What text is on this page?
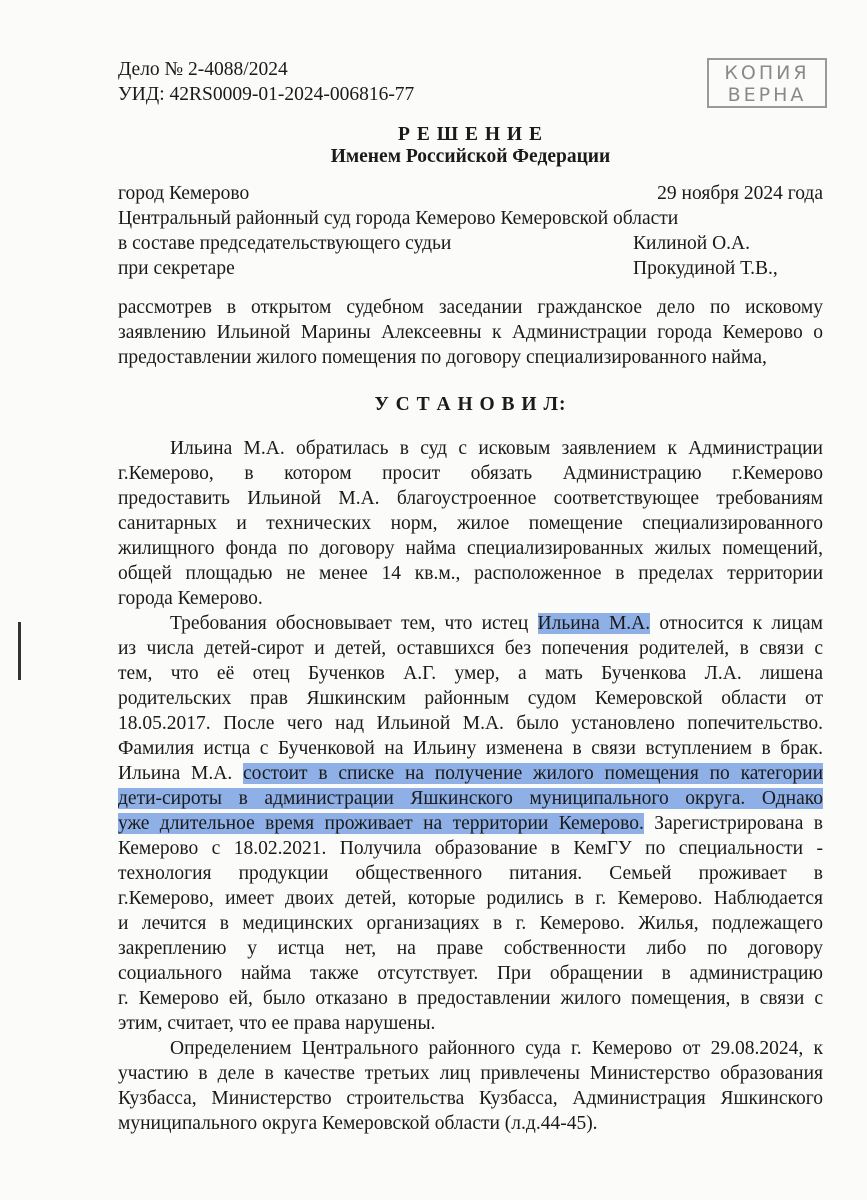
КОПИЯ
ВЕРНА
Дело № 2-4088/2024
УИД: 42RS0009-01-2024-006816-77
Р Е Ш Е Н И Е
Именем Российской Федерации
город Кемерово	29 ноября 2024 года
Центральный районный суд города Кемерово Кемеровской области
в составе председательствующего судьи	Килиной О.А.
при секретаре	Прокудиной Т.В.,
рассмотрев в открытом судебном заседании гражданское дело по исковому
заявлению Ильиной Марины Алексеевны к Администрации города Кемерово о
предоставлении жилого помещения по договору специализированного найма,
У С Т А Н О В И Л:
Ильина М.А. обратилась в суд с исковым заявлением к Администрации
г.Кемерово, в котором просит обязать Администрацию г.Кемерово
предоставить Ильиной М.А. благоустроенное соответствующее требованиям
санитарных и технических норм, жилое помещение специализированного
жилищного фонда по договору найма специализированных жилых помещений,
общей площадью не менее 14 кв.м., расположенное в пределах территории
города Кемерово.
Требования обосновывает тем, что истец Ильина М.А. относится к лицам
из числа детей-сирот и детей, оставшихся без попечения родителей, в связи с
тем, что её отец Бученков А.Г. умер, а мать Бученкова Л.А. лишена
родительских прав Яшкинским районным судом Кемеровской области от
18.05.2017. После чего над Ильиной М.А. было установлено попечительство.
Фамилия истца с Бученковой на Ильину изменена в связи вступлением в брак.
Ильина М.А. состоит в списке на получение жилого помещения по категории
дети-сироты в администрации Яшкинского муниципального округа. Однако
уже длительное время проживает на территории Кемерово. Зарегистрирована в
Кемерово с 18.02.2021. Получила образование в КемГУ по специальности -
технология продукции общественного питания. Семьей проживает в
г.Кемерово, имеет двоих детей, которые родились в г. Кемерово. Наблюдается
и лечится в медицинских организациях в г. Кемерово. Жилья, подлежащего
закреплению у истца нет, на праве собственности либо по договору
социального найма также отсутствует. При обращении в администрацию
г. Кемерово ей, было отказано в предоставлении жилого помещения, в связи с
этим, считает, что ее права нарушены.
Определением Центрального районного суда г. Кемерово от 29.08.2024, к
участию в деле в качестве третьих лиц привлечены Министерство образования
Кузбасса, Министерство строительства Кузбасса, Администрация Яшкинского
муниципального округа Кемеровской области (л.д.44-45).
